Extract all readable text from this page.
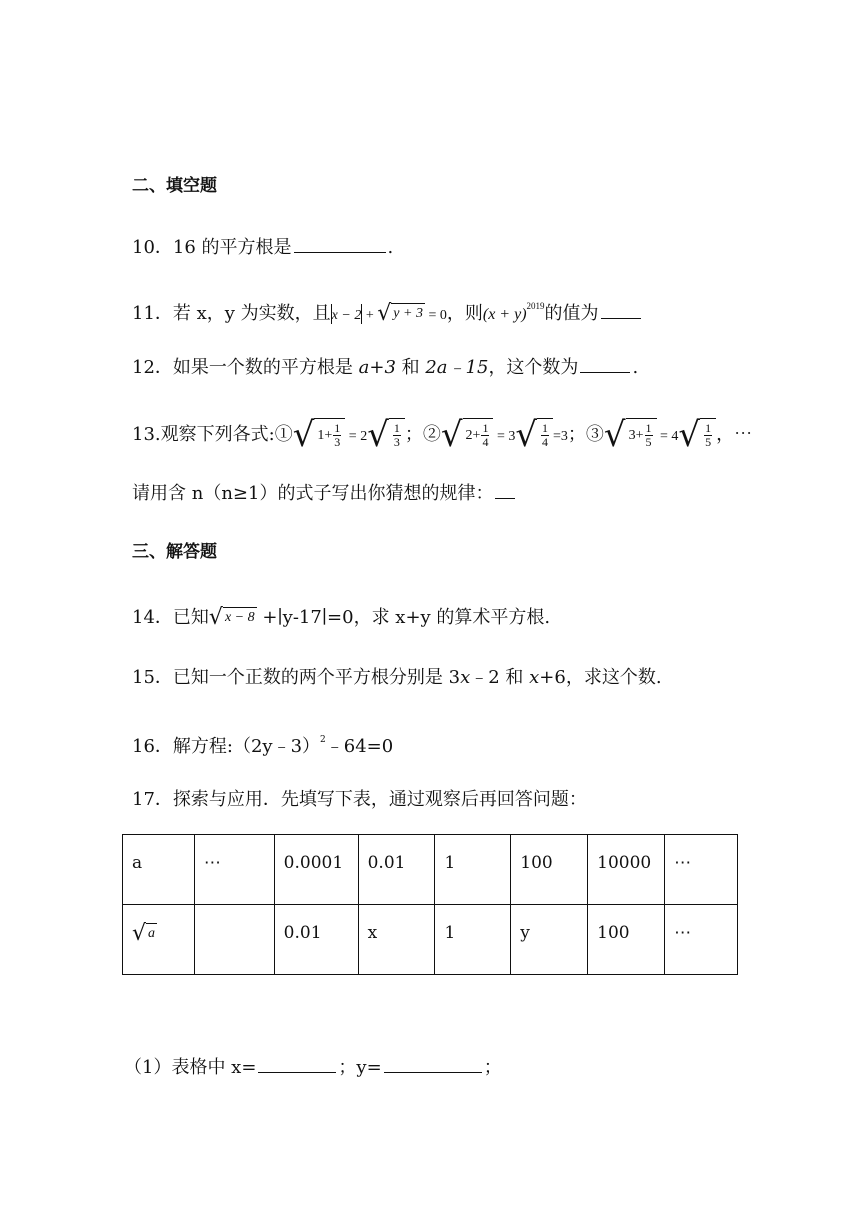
二、填空题
10．16 的平方根是	.
11．若 x，y 为实数，且x − 2 + √ y + 3 = 0，则$(x + y)^{2019}$的值为
12．如果一个数的平方根是 a+3 和 2a﹣15，这个数为	.
13.观察下列各式:① √ $1 + \frac{1}{3} = 2$ √ $\frac{1}{3}$ ；② √ $2 + \frac{1}{4} = 3$ √ $\frac{1}{4} =3$；③ √ $3 + \frac{1}{5} = 4$ √ $\frac{1}{5}$ ，⋯
请用含 n（n≥1）的式子写出你猜想的规律：
三、解答题
14．已知 √ x − 8 +∣y-17∣=0，求 x+y 的算术平方根.
15．已知一个正数的两个平方根分别是 3x﹣2 和 x+6，求这个数.
16．解方程:（2y﹣3）$^2$﹣64=0
17．探索与应用．先填写下表，通过观察后再回答问题：
a	⋯	0.0001	0.01	1	100	10000	⋯

√ a		0.01	x	1	y	100	⋯
（1）表格中 x=	；y=	；
